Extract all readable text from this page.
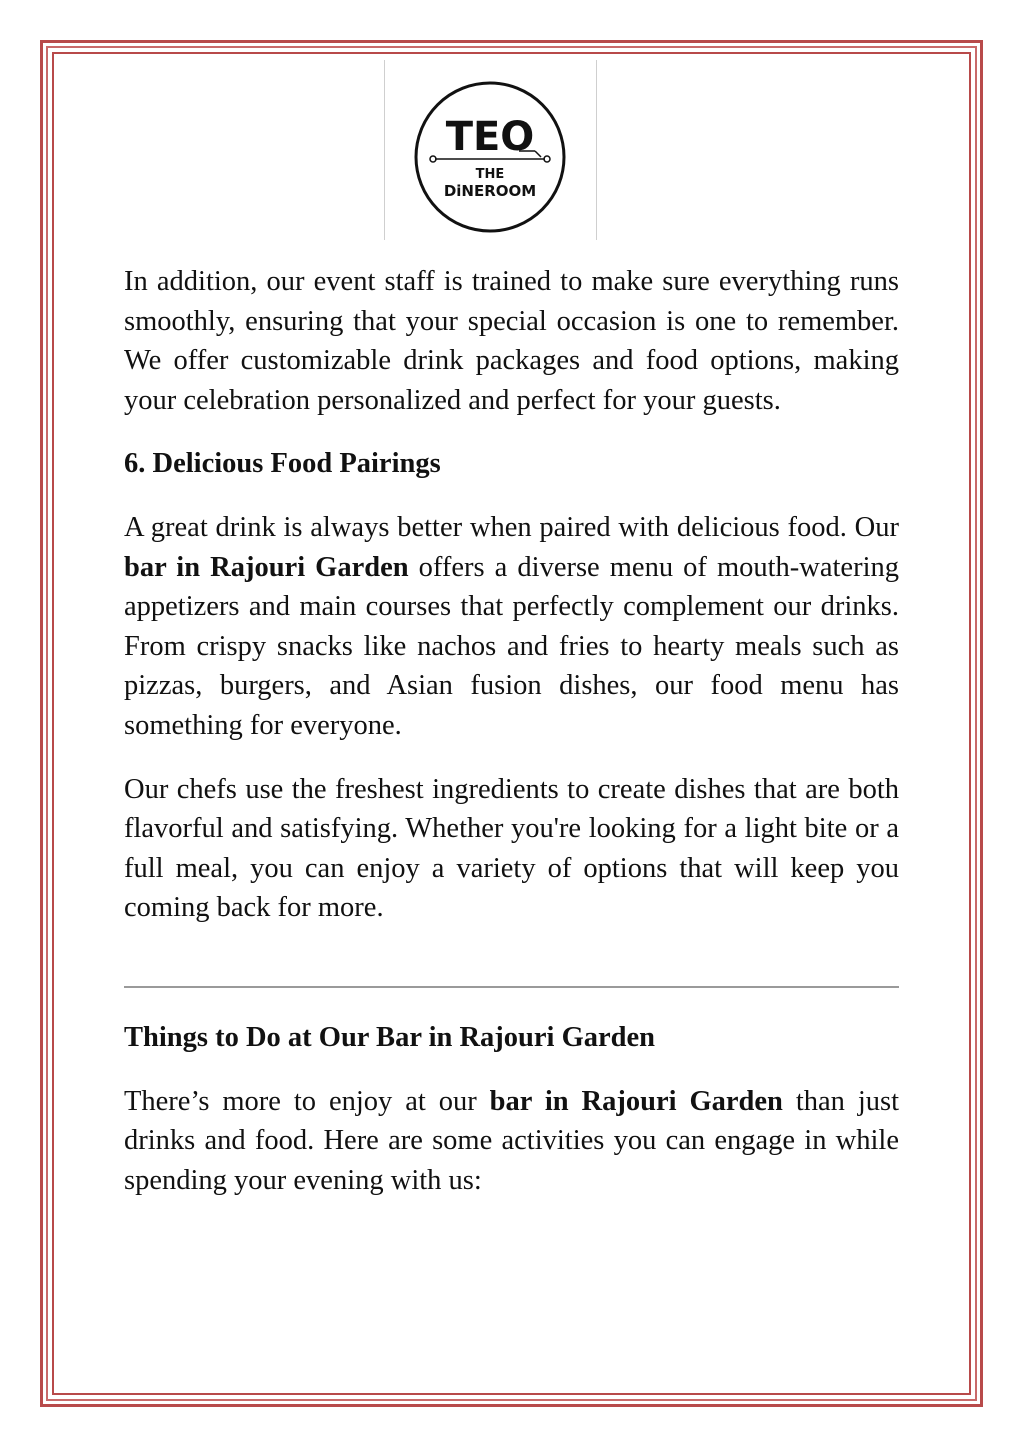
TEO
THE
DiNEROOM

In addition, our event staff is trained to make sure everything runs smoothly, ensuring that your special occasion is one to remember. We offer customizable drink packages and food options, making your celebration personalized and perfect for your guests.

6. Delicious Food Pairings

A great drink is always better when paired with delicious food. Our bar in Rajouri Garden offers a diverse menu of mouth-watering appetizers and main courses that perfectly complement our drinks. From crispy snacks like nachos and fries to hearty meals such as pizzas, burgers, and Asian fusion dishes, our food menu has something for everyone.

Our chefs use the freshest ingredients to create dishes that are both flavorful and satisfying. Whether you're looking for a light bite or a full meal, you can enjoy a variety of options that will keep you coming back for more.

Things to Do at Our Bar in Rajouri Garden

There’s more to enjoy at our bar in Rajouri Garden than just drinks and food. Here are some activities you can engage in while spending your evening with us:
